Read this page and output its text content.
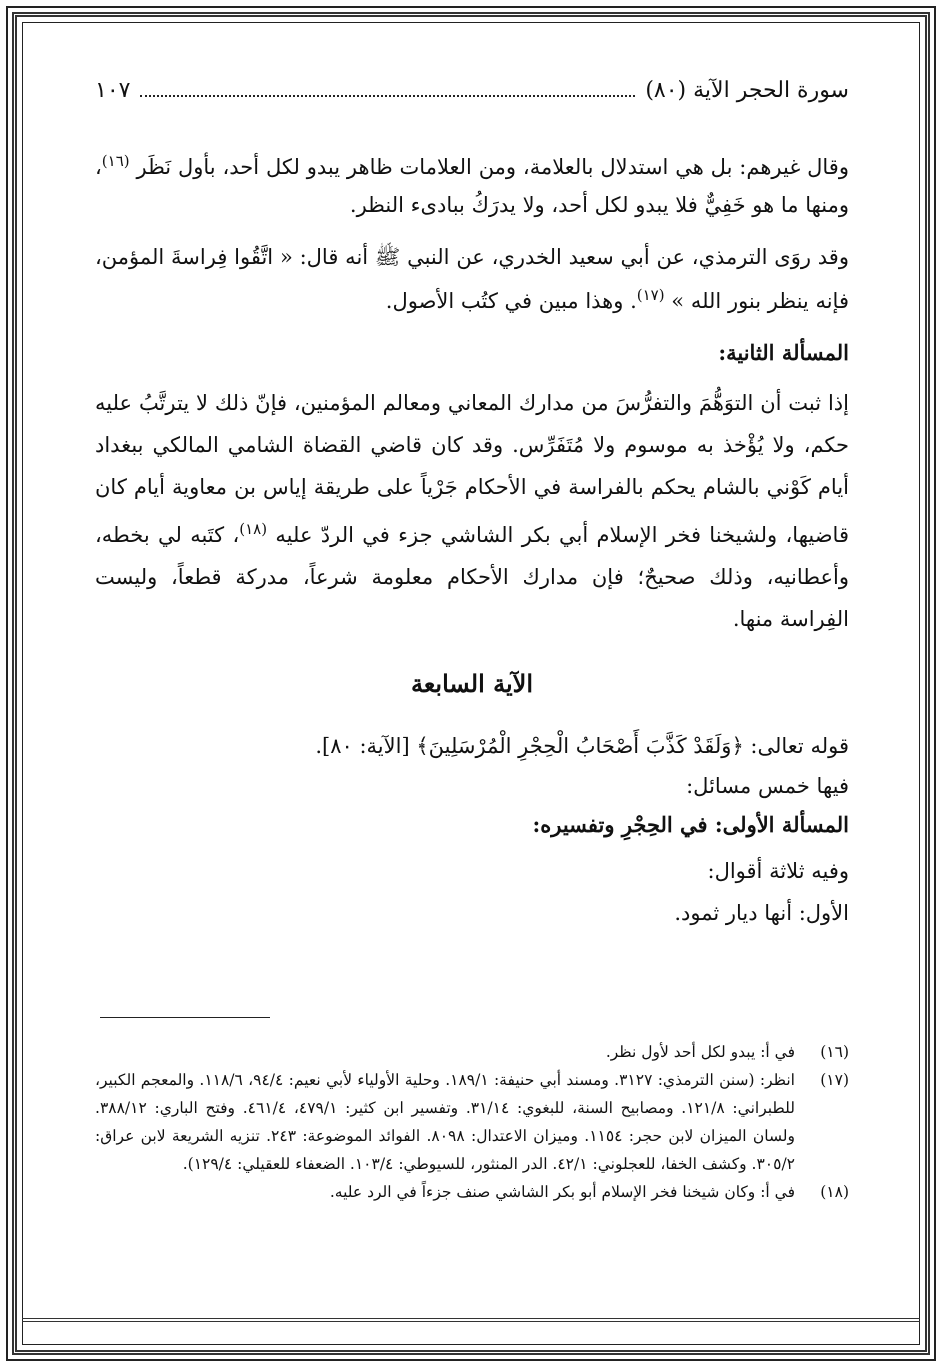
سورة الحجر الآية (٨٠)
١٠٧

وقال غيرهم: بل هي استدلال بالعلامة، ومن العلامات ظاهر يبدو لكل أحد، بأول نَظَر $^{(١٦)}$، ومنها ما هو خَفِيٌّ فلا يبدو لكل أحد، ولا يدرَكُ ببادىء النظر.

وقد روَى الترمذي، عن أبي سعيد الخدري، عن النبي ﷺ أنه قال: « اتَّقُوا فِراسةَ المؤمن، فإنه ينظر بنور الله » $^{(١٧)}$. وهذا مبين في كتُب الأصول.

المسألة الثانية:

إذا ثبت أن التوَهُّمَ والتفرُّسَ من مدارك المعاني ومعالم المؤمنين، فإنّ ذلك لا يترتَّبُ عليه حكم، ولا يُؤْخذ به موسوم ولا مُتَفَرِّس. وقد كان قاضي القضاة الشامي المالكي ببغداد أيام كَوْني بالشام يحكم بالفراسة في الأحكام جَرْياً على طريقة إياس بن معاوية أيام كان قاضيها، ولشيخنا فخر الإسلام أبي بكر الشاشي جزء في الردّ عليه $^{(١٨)}$، كتَبه لي بخطه، وأعطانيه، وذلك صحيحٌ؛ فإن مدارك الأحكام معلومة شرعاً، مدركة قطعاً، وليست الفِراسة منها.

الآية السابعة

قوله تعالى: ﴿وَلَقَدْ كَذَّبَ أَصْحَابُ الْحِجْرِ الْمُرْسَلِينَ﴾ [الآية: ٨٠].

فيها خمس مسائل:

المسألة الأولى: في الحِجْرِ وتفسيره:

وفيه ثلاثة أقوال:

الأول: أنها ديار ثمود.

(١٦)
في أ: يبدو لكل أحد لأول نظر.
(١٧)
انظر: (سنن الترمذي: ٣١٢٧. ومسند أبي حنيفة: ١٨٩/١. وحلية الأولياء لأبي نعيم: ٩٤/٤، ١١٨/٦. والمعجم الكبير، للطبراني: ١٢١/٨. ومصابيح السنة، للبغوي: ٣١/١٤. وتفسير ابن كثير: ٤٧٩/١، ٤٦١/٤. وفتح الباري: ٣٨٨/١٢. ولسان الميزان لابن حجر: ١١٥٤. وميزان الاعتدال: ٨٠٩٨. الفوائد الموضوعة: ٢٤٣. تنزيه الشريعة لابن عراق: ٣٠٥/٢. وكشف الخفا، للعجلوني: ٤٢/١. الدر المنثور، للسيوطي: ١٠٣/٤. الضعفاء للعقيلي: ١٢٩/٤).
(١٨)
في أ: وكان شيخنا فخر الإسلام أبو بكر الشاشي صنف جزءاً في الرد عليه.
